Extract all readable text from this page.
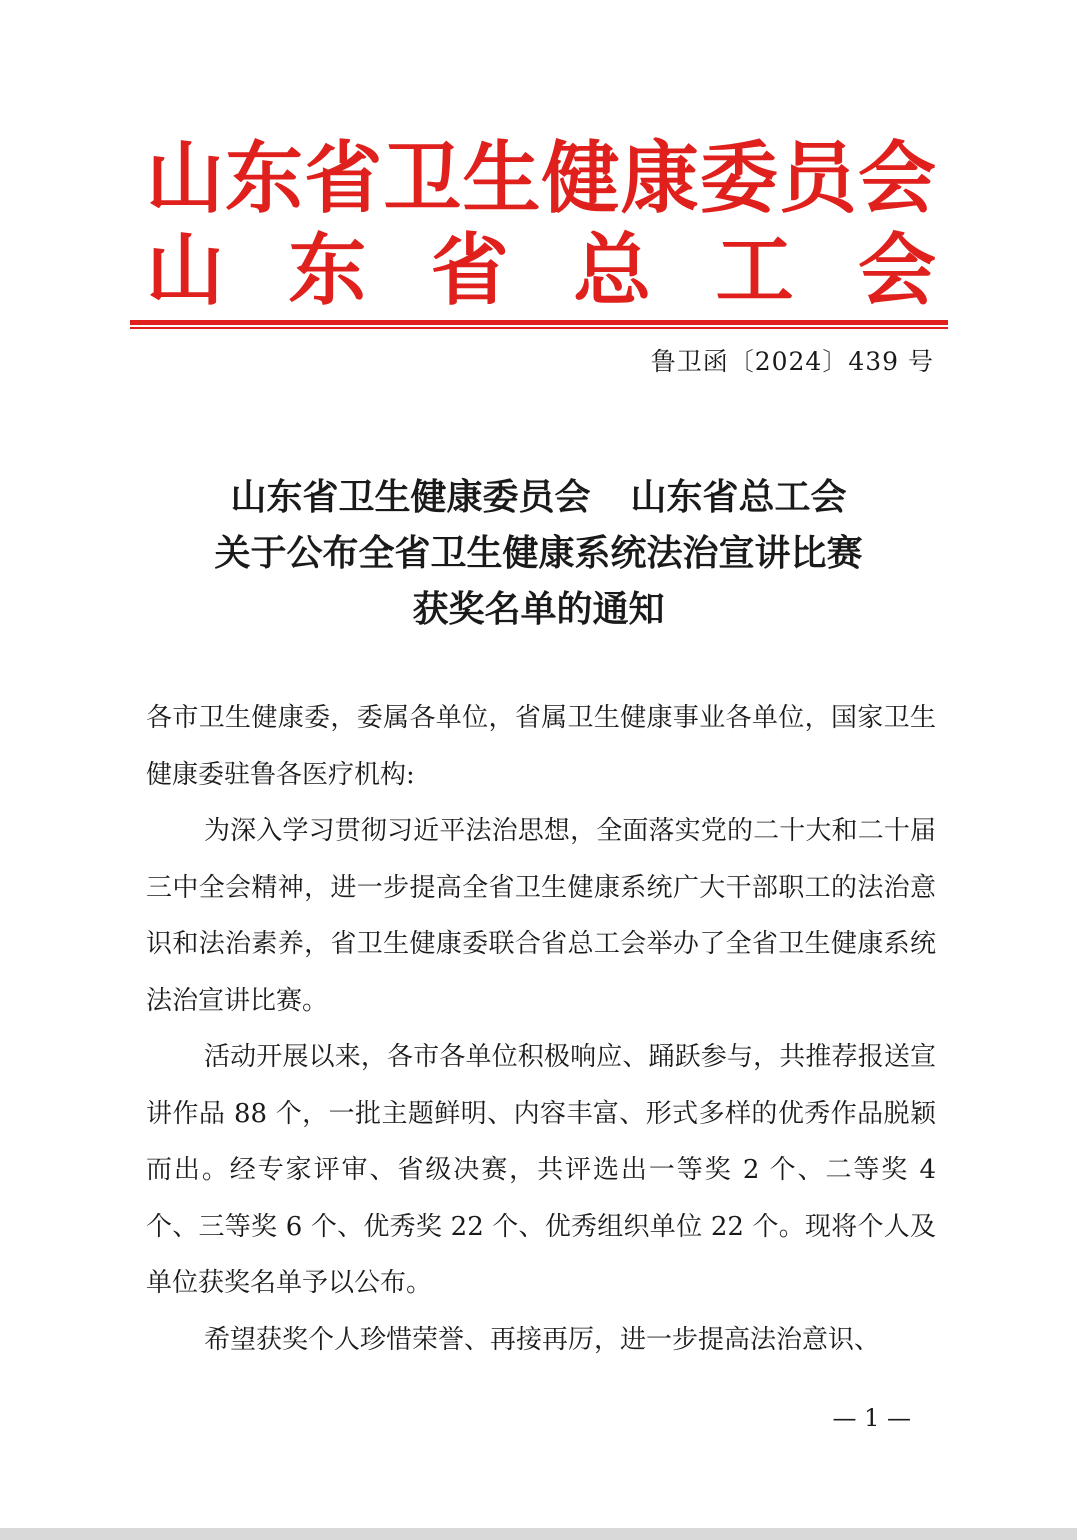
山 东 省 卫 生 健 康 委 员 会
山 东 省 总 工 会
鲁卫函〔2024〕439 号
山东省卫生健康委员会 山东省总工会
关于公布全省卫生健康系统法治宣讲比赛
获奖名单的通知

各市卫生健康委，委属各单位，省属卫生健康事业各单位，国家卫生健康委驻鲁各医疗机构:

为深入学习贯彻习近平法治思想，全面落实党的二十大和二十届三中全会精神，进一步提高全省卫生健康系统广大干部职工的法治意识和法治素养，省卫生健康委联合省总工会举办了全省卫生健康系统法治宣讲比赛。

活动开展以来，各市各单位积极响应、踊跃参与，共推荐报送宣讲作品 88 个，一批主题鲜明、内容丰富、形式多样的优秀作品脱颖而出。经专家评审、省级决赛，共评选出一等奖 2 个、二等奖 4 个、三等奖 6 个、优秀奖 22 个、优秀组织单位 22 个。现将个人及单位获奖名单予以公布。

希望获奖个人珍惜荣誉、再接再厉，进一步提高法治意识、

— 1 —
